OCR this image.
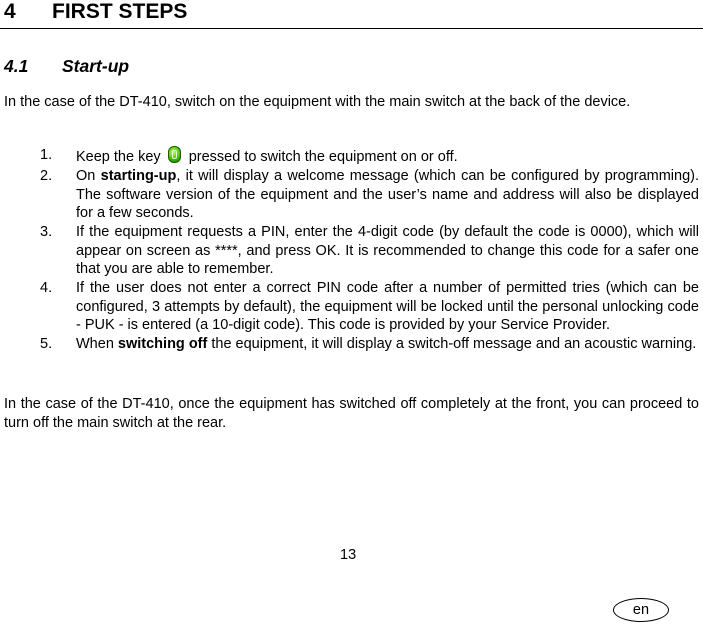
4 FIRST STEPS
4.1 Start-up
In the case of the DT-410, switch on the equipment with the main switch at the back of the device.
1. Keep the key  pressed to switch the equipment on or off.
2. On starting-up, it will display a welcome message (which can be configured by programming). The software version of the equipment and the user’s name and address will also be displayed for a few seconds.
3. If the equipment requests a PIN, enter the 4-digit code (by default the code is 0000), which will appear on screen as ****, and press OK. It is recommended to change this code for a safer one that you are able to remember.
4. If the user does not enter a correct PIN code after a number of permitted tries (which can be configured, 3 attempts by default), the equipment will be locked until the personal unlocking code - PUK - is entered (a 10-digit code). This code is provided by your Service Provider.
5. When switching off the equipment, it will display a switch-off message and an acoustic warning.
In the case of the DT-410, once the equipment has switched off completely at the front, you can proceed to turn off the main switch at the rear.
13
en
